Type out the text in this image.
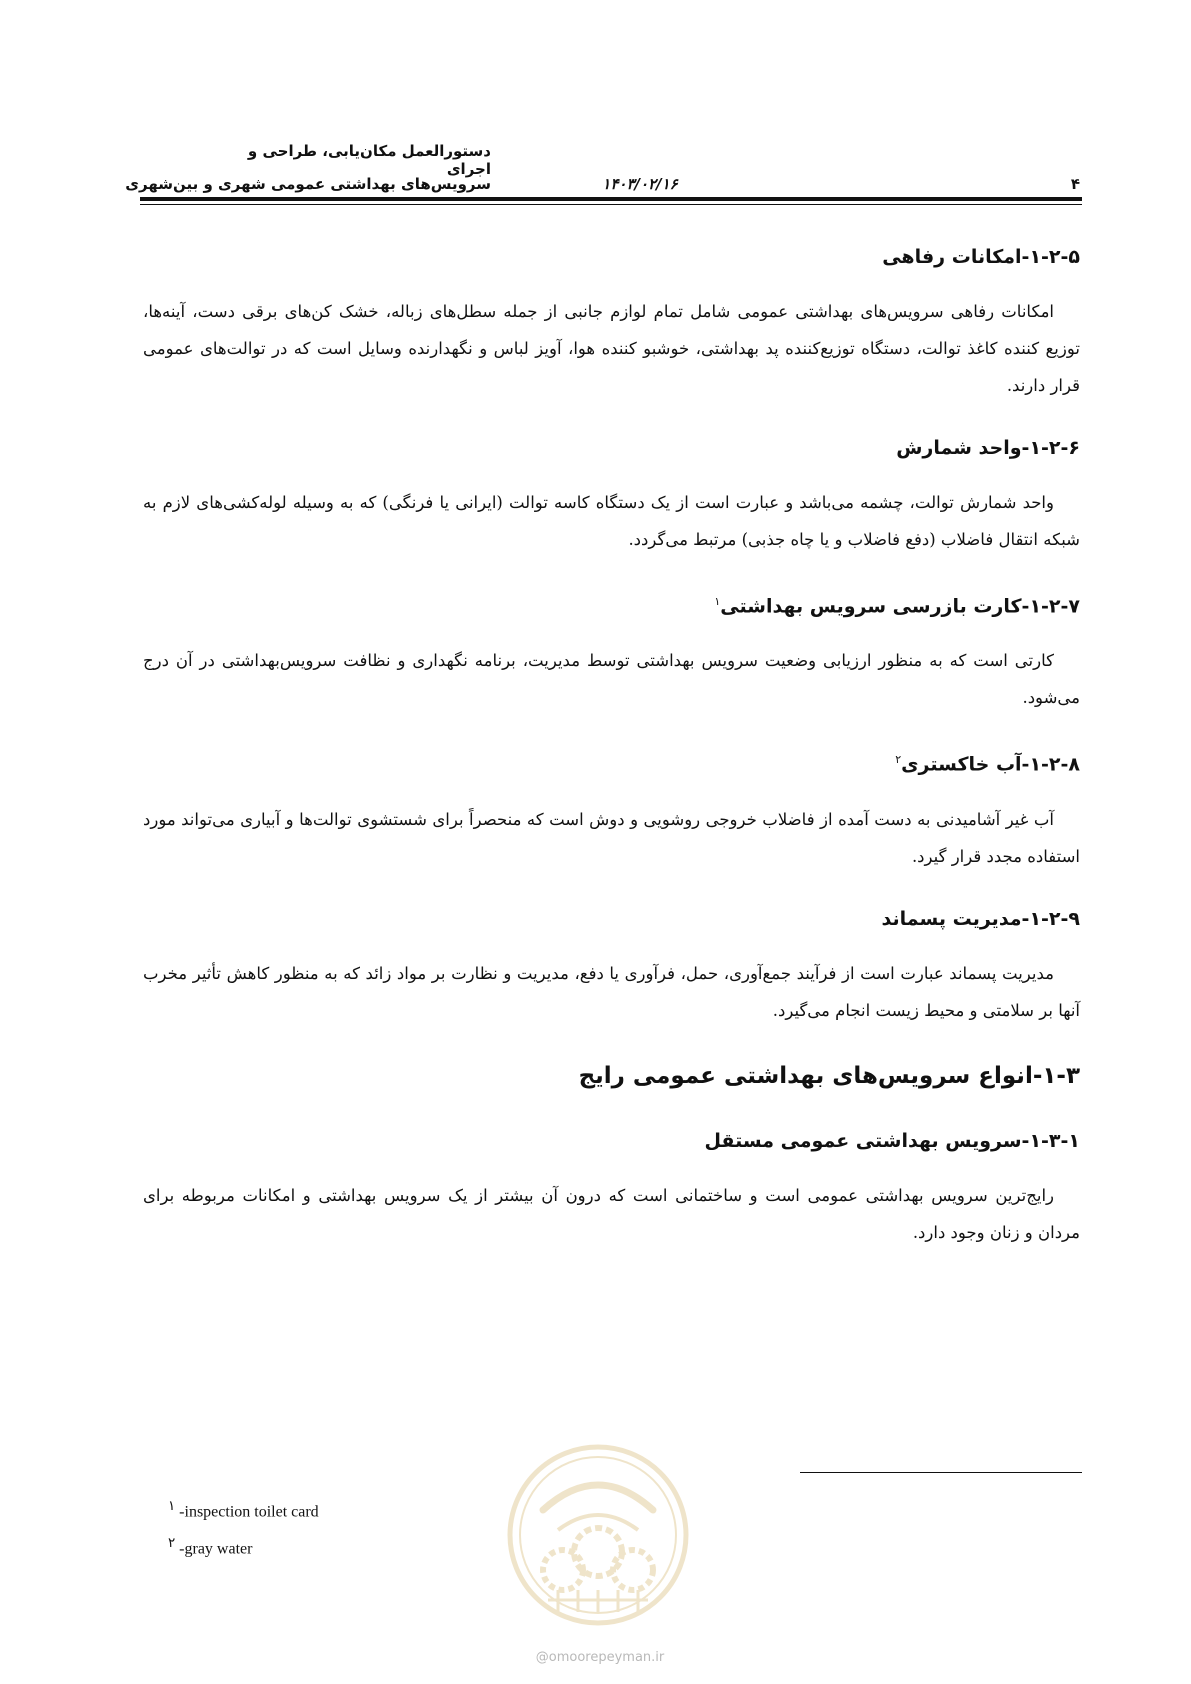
دستورالعمل مکان‌یابی، طراحی و اجرای
سرویس‌های بهداشتی عمومی شهری و بین‌شهری	۱۴۰۳/۰۲/۱۶	۴
۱-۲-۵-امکانات رفاهی

امکانات رفاهی سرویس‌های بهداشتی عمومی شامل تمام لوازم جانبی از جمله سطل‌های زباله، خشک کن‌های برقی دست، آینه‌ها، توزیع کننده کاغذ توالت، دستگاه توزیع‌کننده پد بهداشتی، خوشبو کننده هوا، آویز لباس و نگهدارنده وسایل است که در توالت‌های عمومی قرار دارند.

۱-۲-۶-واحد شمارش

واحد شمارش توالت، چشمه می‌باشد و عبارت است از یک دستگاه کاسه توالت (ایرانی یا فرنگی) که به وسیله لوله‌کشی‌های لازم به شبکه انتقال فاضلاب (دفع فاضلاب و یا چاه جذبی) مرتبط می‌گردد.

۱-۲-۷-کارت بازرسی سرویس بهداشتی$^۱$

کارتی است که به منظور ارزیابی وضعیت سرویس بهداشتی توسط مدیریت، برنامه نگهداری و نظافت سرویس‌بهداشتی در آن درج می‌شود.

۱-۲-۸-آب خاکستری$^۲$

آب غیر آشامیدنی به دست آمده از فاضلاب خروجی روشویی و دوش است که منحصراً برای شستشوی توالت‌ها و آبیاری می‌تواند مورد استفاده مجدد قرار گیرد.

۱-۲-۹-مدیریت پسماند

مدیریت پسماند عبارت است از فرآیند جمع‌آوری، حمل، فرآوری یا دفع، مدیریت و نظارت بر مواد زائد که به منظور کاهش تأثیر مخرب آنها بر سلامتی و محیط زیست انجام می‌گیرد.

۱-۳-انواع سرویس‌های بهداشتی عمومی رایج
۱-۳-۱-سرویس بهداشتی عمومی مستقل

رایج‌ترین سرویس بهداشتی عمومی است و ساختمانی است که درون آن بیشتر از یک سرویس بهداشتی و امکانات مربوطه برای مردان و زنان وجود دارد.

$^۱$ -inspection toilet card
$^۲$ -gray water
@omoorepeyman.ir
